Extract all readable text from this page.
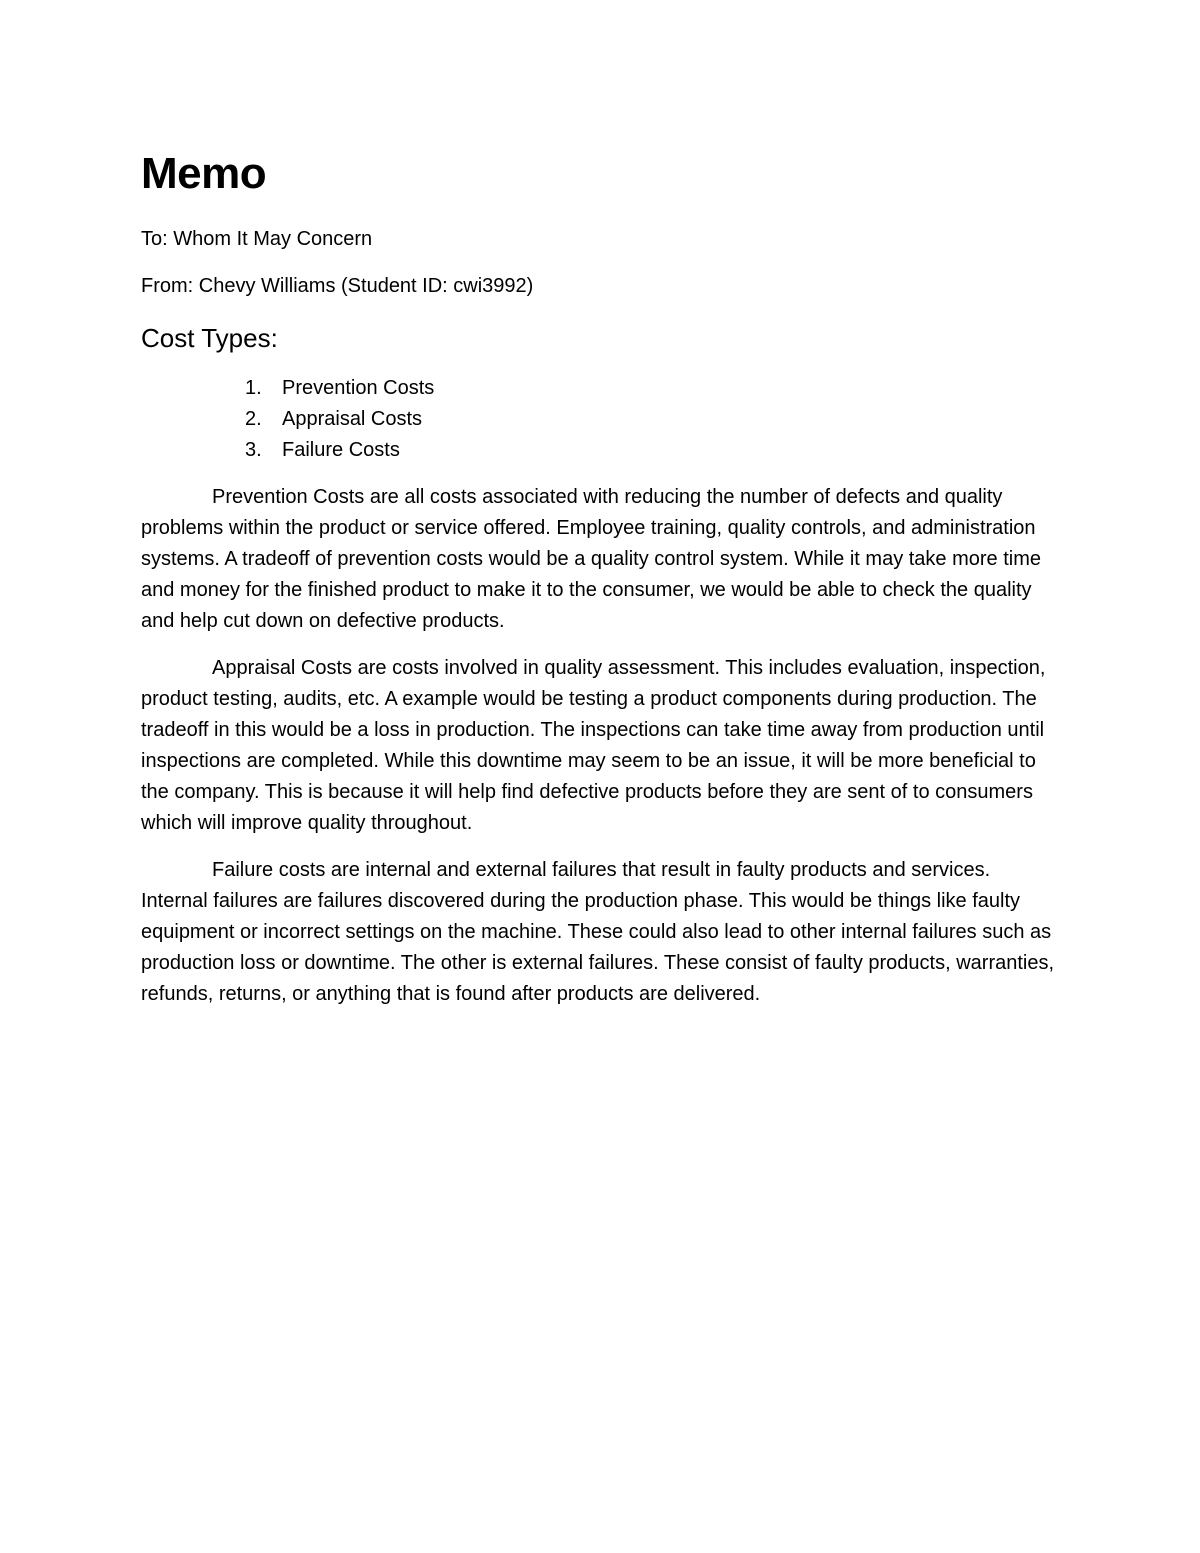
Memo
To: Whom It May Concern
From: Chevy Williams (Student ID: cwi3992)
Cost Types:
1. Prevention Costs
2. Appraisal Costs
3. Failure Costs

Prevention Costs are all costs associated with reducing the number of defects and quality problems within the product or service offered. Employee training, quality controls, and administration systems. A tradeoff of prevention costs would be a quality control system. While it may take more time and money for the finished product to make it to the consumer, we would be able to check the quality and help cut down on defective products.

Appraisal Costs are costs involved in quality assessment. This includes evaluation, inspection, product testing, audits, etc. A example would be testing a product components during production. The tradeoff in this would be a loss in production. The inspections can take time away from production until inspections are completed. While this downtime may seem to be an issue, it will be more beneficial to the company. This is because it will help find defective products before they are sent of to consumers which will improve quality throughout.

Failure costs are internal and external failures that result in faulty products and services. Internal failures are failures discovered during the production phase. This would be things like faulty equipment or incorrect settings on the machine. These could also lead to other internal failures such as production loss or downtime. The other is external failures. These consist of faulty products, warranties, refunds, returns, or anything that is found after products are delivered.
